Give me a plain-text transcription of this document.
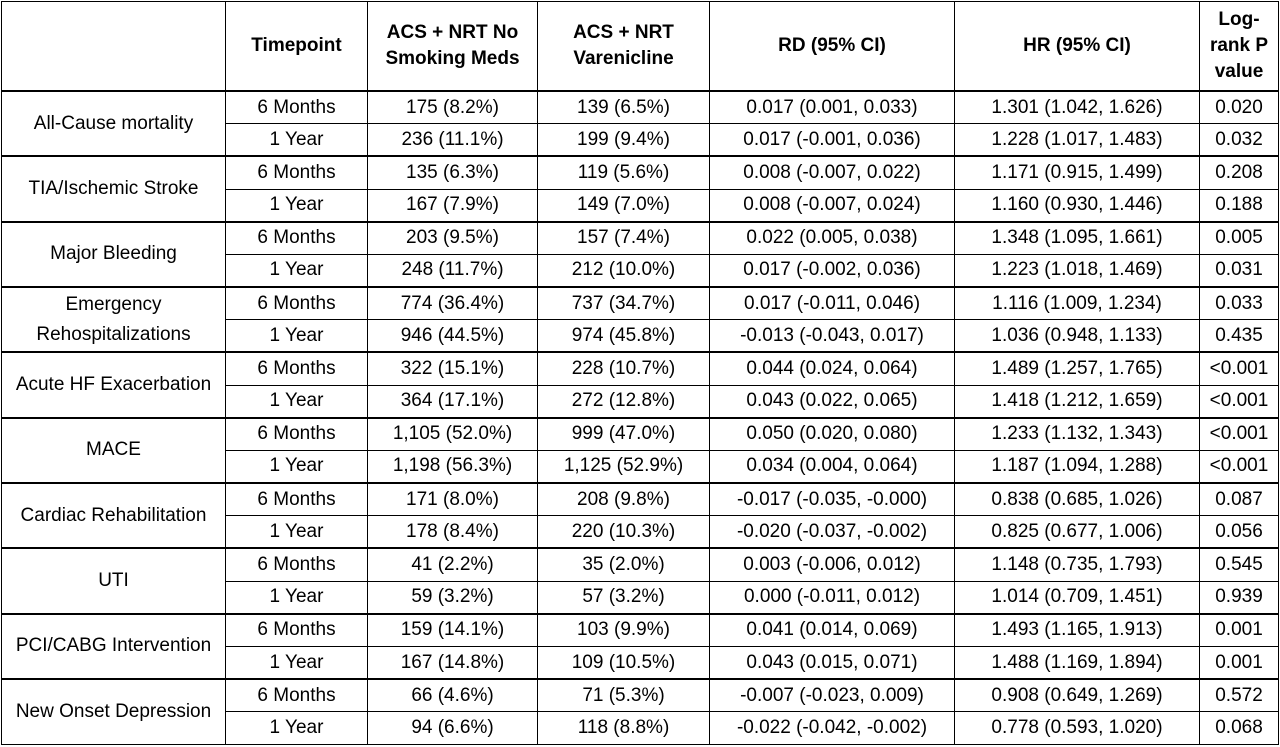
	Timepoint	ACS + NRT No Smoking Meds	ACS + NRT Varenicline	RD (95% CI)	HR (95% CI)	Log-rank P value
All-Cause mortality	6 Months	175 (8.2%)	139 (6.5%)	0.017 (0.001, 0.033)	1.301 (1.042, 1.626)	0.020
	1 Year	236 (11.1%)	199 (9.4%)	0.017 (-0.001, 0.036)	1.228 (1.017, 1.483)	0.032
TIA/Ischemic Stroke	6 Months	135 (6.3%)	119 (5.6%)	0.008 (-0.007, 0.022)	1.171 (0.915, 1.499)	0.208
	1 Year	167 (7.9%)	149 (7.0%)	0.008 (-0.007, 0.024)	1.160 (0.930, 1.446)	0.188
Major Bleeding	6 Months	203 (9.5%)	157 (7.4%)	0.022 (0.005, 0.038)	1.348 (1.095, 1.661)	0.005
	1 Year	248 (11.7%)	212 (10.0%)	0.017 (-0.002, 0.036)	1.223 (1.018, 1.469)	0.031
Emergency Rehospitalizations	6 Months	774 (36.4%)	737 (34.7%)	0.017 (-0.011, 0.046)	1.116 (1.009, 1.234)	0.033
	1 Year	946 (44.5%)	974 (45.8%)	-0.013 (-0.043, 0.017)	1.036 (0.948, 1.133)	0.435
Acute HF Exacerbation	6 Months	322 (15.1%)	228 (10.7%)	0.044 (0.024, 0.064)	1.489 (1.257, 1.765)	<0.001
	1 Year	364 (17.1%)	272 (12.8%)	0.043 (0.022, 0.065)	1.418 (1.212, 1.659)	<0.001
MACE	6 Months	1,105 (52.0%)	999 (47.0%)	0.050 (0.020, 0.080)	1.233 (1.132, 1.343)	<0.001
	1 Year	1,198 (56.3%)	1,125 (52.9%)	0.034 (0.004, 0.064)	1.187 (1.094, 1.288)	<0.001
Cardiac Rehabilitation	6 Months	171 (8.0%)	208 (9.8%)	-0.017 (-0.035, -0.000)	0.838 (0.685, 1.026)	0.087
	1 Year	178 (8.4%)	220 (10.3%)	-0.020 (-0.037, -0.002)	0.825 (0.677, 1.006)	0.056
UTI	6 Months	41 (2.2%)	35 (2.0%)	0.003 (-0.006, 0.012)	1.148 (0.735, 1.793)	0.545
	1 Year	59 (3.2%)	57 (3.2%)	0.000 (-0.011, 0.012)	1.014 (0.709, 1.451)	0.939
PCI/CABG Intervention	6 Months	159 (14.1%)	103 (9.9%)	0.041 (0.014, 0.069)	1.493 (1.165, 1.913)	0.001
	1 Year	167 (14.8%)	109 (10.5%)	0.043 (0.015, 0.071)	1.488 (1.169, 1.894)	0.001
New Onset Depression	6 Months	66 (4.6%)	71 (5.3%)	-0.007 (-0.023, 0.009)	0.908 (0.649, 1.269)	0.572
	1 Year	94 (6.6%)	118 (8.8%)	-0.022 (-0.042, -0.002)	0.778 (0.593, 1.020)	0.068
